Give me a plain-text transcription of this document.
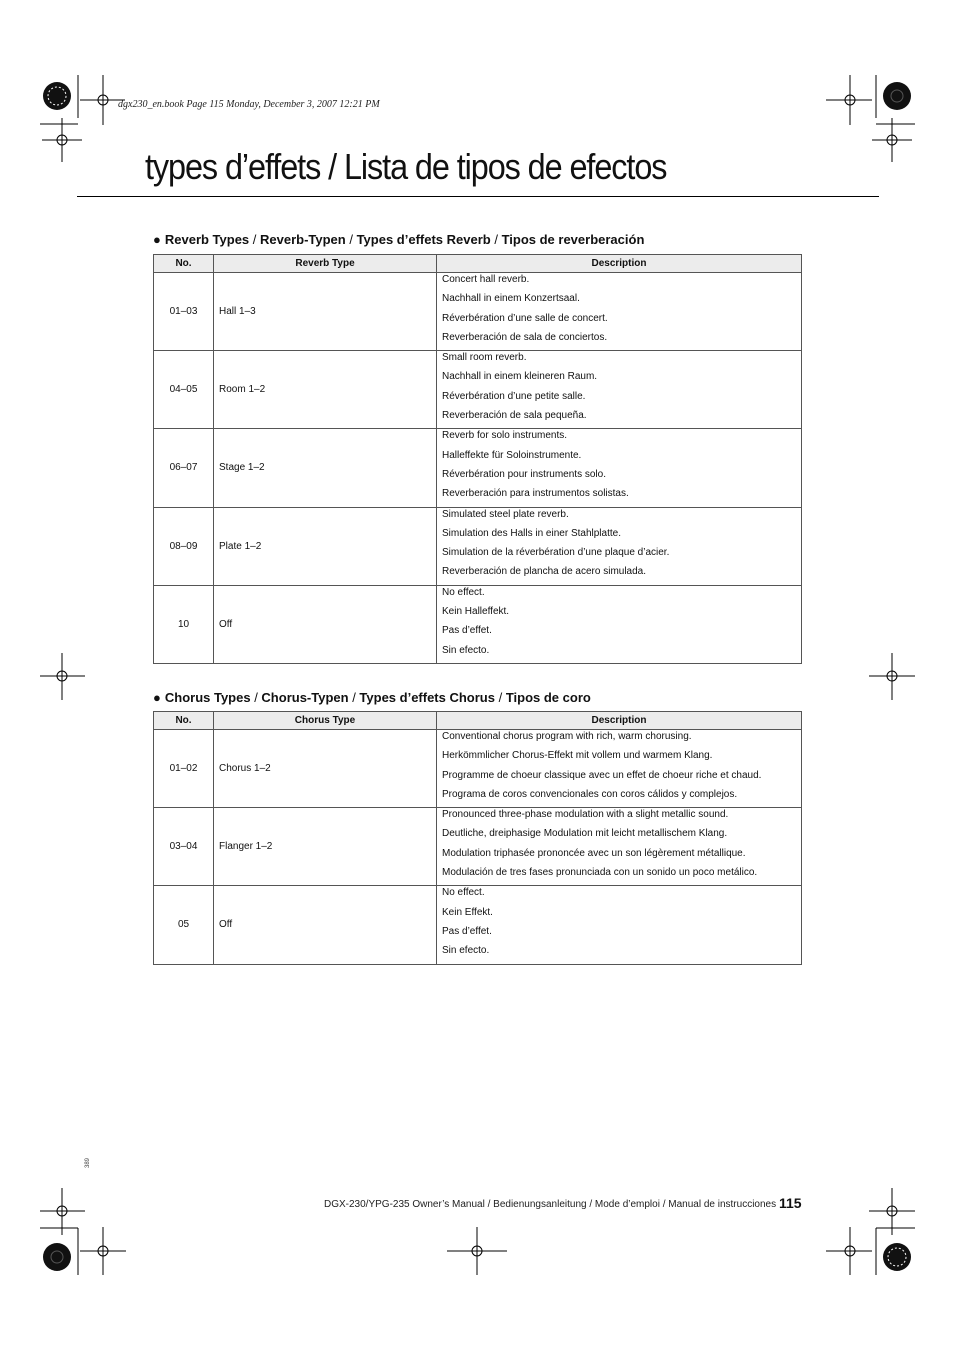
dgx230_en.book Page 115 Monday, December 3, 2007 12:21 PM
types d’effets / Lista de tipos de efectos
● Reverb Types / Reverb-Typen / Types d’effets Reverb / Tipos de reverberación
No.	Reverb Type	Description
01–03	Hall 1–3	Concert hall reverb.
Nachhall in einem Konzertsaal.
Réverbération d’une salle de concert.
Reverberación de sala de conciertos.

04–05	Room 1–2	Small room reverb.
Nachhall in einem kleineren Raum.
Réverbération d’une petite salle.
Reverberación de sala pequeña.

06–07	Stage 1–2	Reverb for solo instruments.
Halleffekte für Soloinstrumente.
Réverbération pour instruments solo.
Reverberación para instrumentos solistas.

08–09	Plate 1–2	Simulated steel plate reverb.
Simulation des Halls in einer Stahlplatte.
Simulation de la réverbération d’une plaque d’acier.
Reverberación de plancha de acero simulada.

10	Off	No effect.
Kein Halleffekt.
Pas d’effet.
Sin efecto.
● Chorus Types / Chorus-Typen / Types d’effets Chorus / Tipos de coro
No.	Chorus Type	Description
01–02	Chorus 1–2	Conventional chorus program with rich, warm chorusing.
Herkömmlicher Chorus-Effekt mit vollem und warmem Klang.
Programme de choeur classique avec un effet de choeur riche et chaud.
Programa de coros convencionales con coros cálidos y complejos.

03–04	Flanger 1–2	Pronounced three-phase modulation with a slight metallic sound.
Deutliche, dreiphasige Modulation mit leicht metallischem Klang.
Modulation triphasée prononcée avec un son légèrement métallique.
Modulación de tres fases pronunciada con un sonido un poco metálico.

05	Off	No effect.
Kein Effekt.
Pas d’effet.
Sin efecto.
389
DGX-230/YPG-235 Owner’s Manual / Bedienungsanleitung / Mode d’emploi / Manual de instrucciones 115
